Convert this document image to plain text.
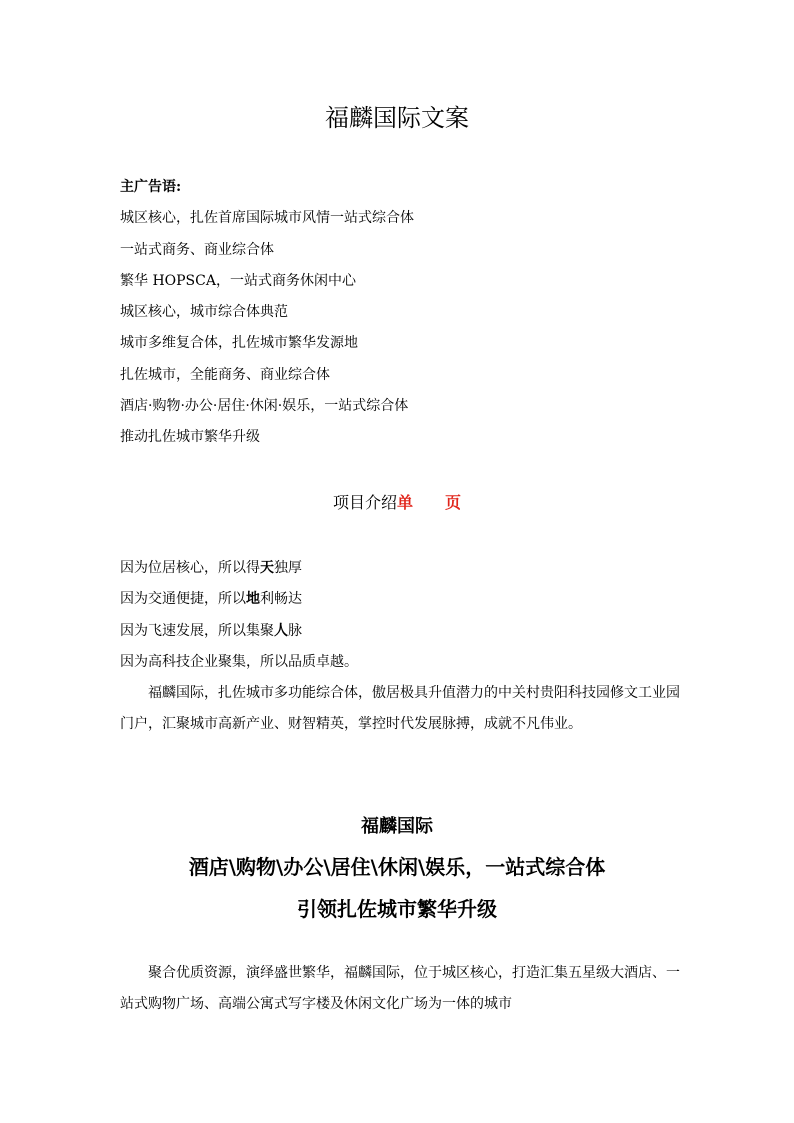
福麟国际文案
主广告语:
城区核心，扎佐首席国际城市风情一站式综合体
一站式商务、商业综合体
繁华 HOPSCA，一站式商务休闲中心
城区核心，城市综合体典范
城市多维复合体，扎佐城市繁华发源地
扎佐城市，全能商务、商业综合体
酒店·购物·办公·居住·休闲·娱乐，一站式综合体
推动扎佐城市繁华升级
项目介绍单 页
因为位居核心，所以得天独厚
因为交通便捷，所以地利畅达
因为飞速发展，所以集聚人脉
因为高科技企业聚集，所以品质卓越。

福麟国际，扎佐城市多功能综合体，傲居极具升值潜力的中关村贵阳科技园修文工业园门户，汇聚城市高新产业、财智精英，掌控时代发展脉搏，成就不凡伟业。

福麟国际
酒店\购物\办公\居住\休闲\娱乐，一站式综合体
引领扎佐城市繁华升级

聚合优质资源，演绎盛世繁华，福麟国际，位于城区核心，打造汇集五星级大酒店、一站式购物广场、高端公寓式写字楼及休闲文化广场为一体的城市
